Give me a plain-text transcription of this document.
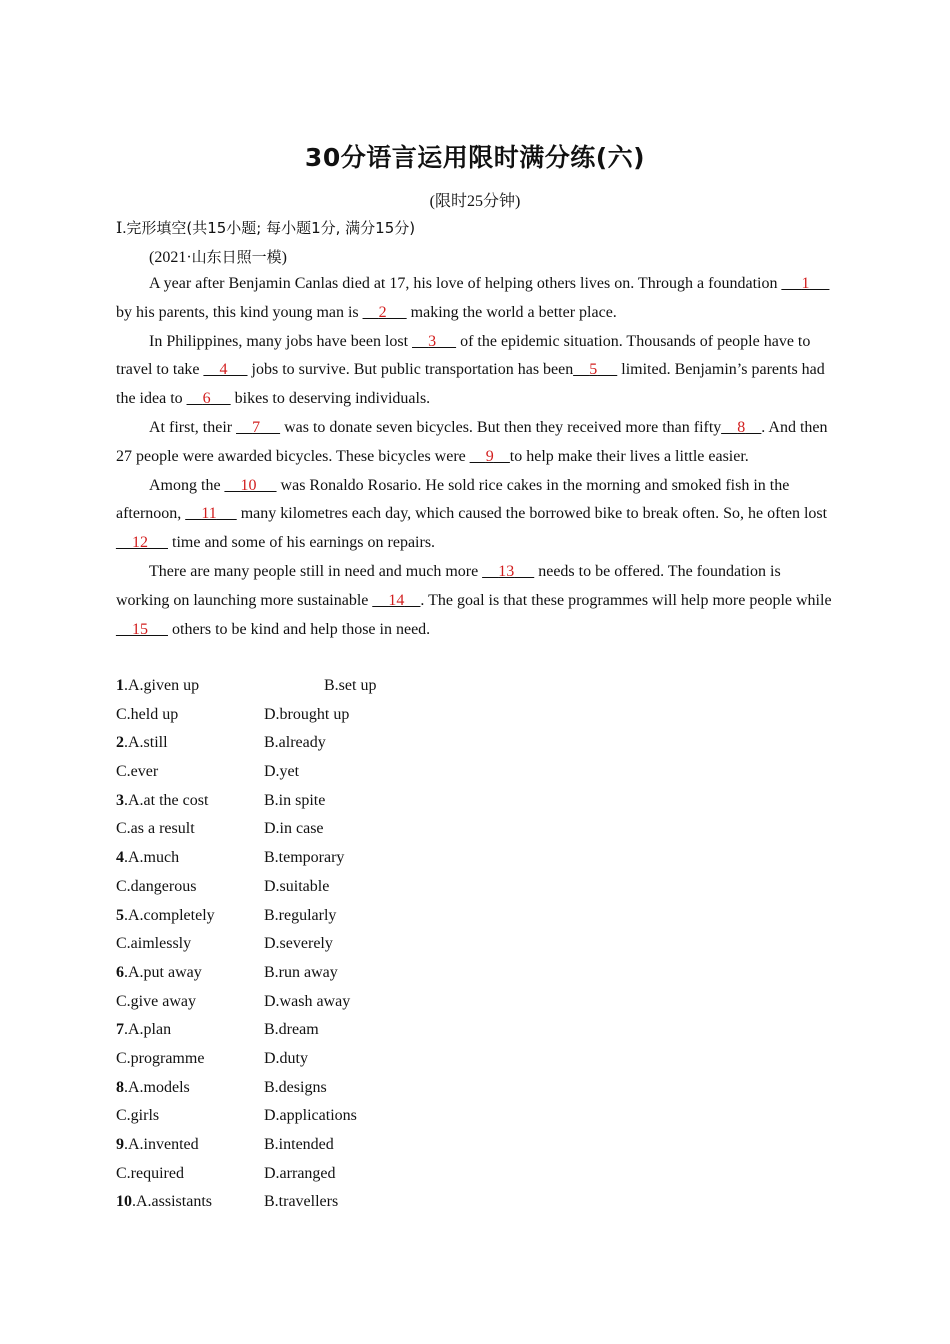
30分语言运用限时满分练(六)
(限时25分钟)
Ⅰ.完形填空(共15小题; 每小题1分, 满分15分)
(2021·山东日照一模)

A year after Benjamin Canlas died at 17, his love of helping others lives on. Through a foundation __ 1__  by his parents, this kind young man is __2__  making the world a better place.

In Philippines, many jobs have been lost __3__  of the epidemic situation. Thousands of people have to travel to take __4__  jobs to survive. But public transportation has been__5__  limited. Benjamin’s parents had the idea to __6__  bikes to deserving individuals.

At first, their __7__  was to donate seven bicycles. But then they received more than fifty__8__. And then 27 people were awarded bicycles. These bicycles were __9__to help make their lives a little easier.

Among the __10__  was Ronaldo Rosario. He sold rice cakes in the morning and smoked fish in the afternoon, __11__  many kilometres each day, which caused the borrowed bike to break often. So, he often lost __12__  time and some of his earnings on repairs.

There are many people still in need and much more __13__  needs to be offered. The foundation is working on launching more sustainable __14__. The goal is that these programmes will help more people while __15__  others to be kind and help those in need.

1.A.given up	B.set up
C.held up	D.brought up
2.A.still	B.already
C.ever	D.yet
3.A.at the cost	B.in spite
C.as a result	D.in case
4.A.much	B.temporary
C.dangerous	D.suitable
5.A.completely	B.regularly
C.aimlessly	D.severely
6.A.put away	B.run away
C.give away	D.wash away
7.A.plan	B.dream
C.programme	D.duty
8.A.models	B.designs
C.girls	D.applications
9.A.invented	B.intended
C.required	D.arranged
10.A.assistants	B.travellers
